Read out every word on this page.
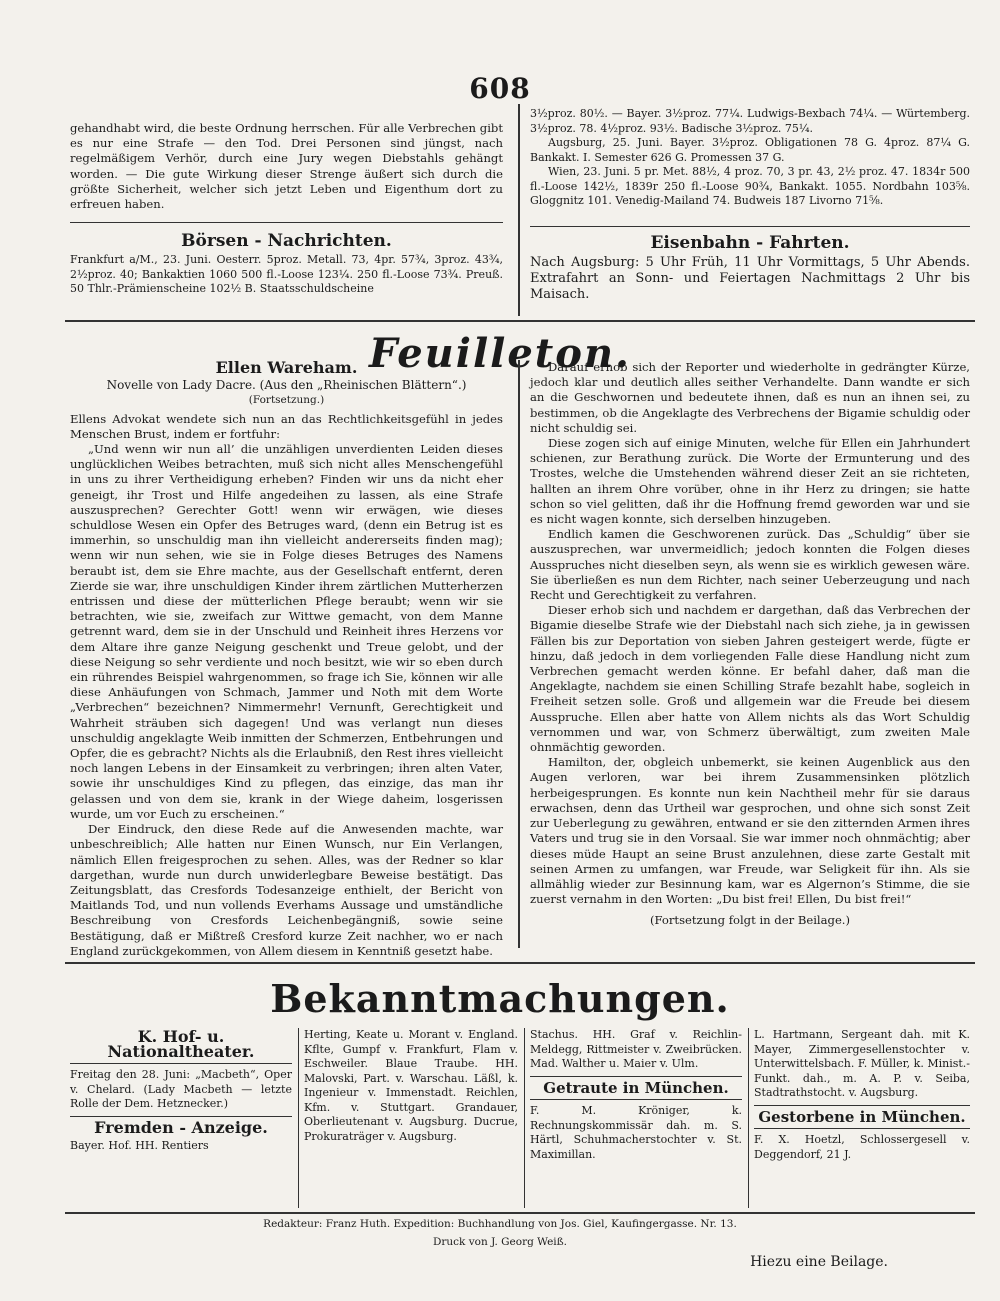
608

gehandhabt wird, die beste Ordnung herrschen. Für alle Verbrechen gibt es nur eine Strafe — den Tod. Drei Personen sind jüngst, nach regelmäßigem Verhör, durch eine Jury wegen Diebstahls gehängt worden. — Die gute Wirkung dieser Strenge äußert sich durch die größte Sicherheit, welcher sich jetzt Leben und Eigenthum dort zu erfreuen haben.

Börsen - Nachrichten.

Frankfurt a/M., 23. Juni. Oesterr. 5proz. Metall. 73, 4pr. 57¾, 3proz. 43¾, 2½proz. 40; Bankaktien 1060 500 fl.-Loose 123¼. 250 fl.-Loose 73¾. Preuß. 50 Thlr.-Prämienscheine 102½ B. Staatsschuldscheine

3½proz. 80½. — Bayer. 3½proz. 77¼. Ludwigs-Bexbach 74¼. — Würtemberg. 3½proz. 78. 4½proz. 93½. Badische 3½proz. 75¼.

Augsburg, 25. Juni. Bayer. 3½proz. Obligationen 78 G. 4proz. 87¼ G. Bankakt. I. Semester 626 G. Promessen 37 G.

Wien, 23. Juni. 5 pr. Met. 88½, 4 proz. 70, 3 pr. 43, 2½ proz. 47. 1834r 500 fl.-Loose 142½, 1839r 250 fl.-Loose 90¾, Bankakt. 1055. Nordbahn 103⅝. Gloggnitz 101. Venedig-Mailand 74. Budweis 187 Livorno 71⅝.

Eisenbahn - Fahrten.

Nach Augsburg: 5 Uhr Früh, 11 Uhr Vormittags, 5 Uhr Abends. Extrafahrt an Sonn- und Feiertagen Nachmittags 2 Uhr bis Maisach.

Feuilleton.
Ellen Wareham.
Novelle von Lady Dacre. (Aus den „Rheinischen Blättern“.)
(Fortsetzung.)

Ellens Advokat wendete sich nun an das Rechtlichkeitsgefühl in jedes Menschen Brust, indem er fortfuhr:

„Und wenn wir nun all’ die unzähligen unverdienten Leiden dieses unglücklichen Weibes betrachten, muß sich nicht alles Menschengefühl in uns zu ihrer Vertheidigung erheben? Finden wir uns da nicht eher geneigt, ihr Trost und Hilfe angedeihen zu lassen, als eine Strafe auszusprechen? Gerechter Gott! wenn wir erwägen, wie dieses schuldlose Wesen ein Opfer des Betruges ward, (denn ein Betrug ist es immerhin, so unschuldig man ihn vielleicht andererseits finden mag); wenn wir nun sehen, wie sie in Folge dieses Betruges des Namens beraubt ist, dem sie Ehre machte, aus der Gesellschaft entfernt, deren Zierde sie war, ihre unschuldigen Kinder ihrem zärtlichen Mutterherzen entrissen und diese der mütterlichen Pflege beraubt; wenn wir sie betrachten, wie sie, zweifach zur Wittwe gemacht, von dem Manne getrennt ward, dem sie in der Unschuld und Reinheit ihres Herzens vor dem Altare ihre ganze Neigung geschenkt und Treue gelobt, und der diese Neigung so sehr verdiente und noch besitzt, wie wir so eben durch ein rührendes Beispiel wahrgenommen, so frage ich Sie, können wir alle diese Anhäufungen von Schmach, Jammer und Noth mit dem Worte „Verbrechen“ bezeichnen? Nimmermehr! Vernunft, Gerechtigkeit und Wahrheit sträuben sich dagegen! Und was verlangt nun dieses unschuldig angeklagte Weib inmitten der Schmerzen, Entbehrungen und Opfer, die es gebracht? Nichts als die Erlaubniß, den Rest ihres vielleicht noch langen Lebens in der Einsamkeit zu verbringen; ihren alten Vater, sowie ihr unschuldiges Kind zu pflegen, das einzige, das man ihr gelassen und von dem sie, krank in der Wiege daheim, losgerissen wurde, um vor Euch zu erscheinen.“

Der Eindruck, den diese Rede auf die Anwesenden machte, war unbeschreiblich; Alle hatten nur Einen Wunsch, nur Ein Verlangen, nämlich Ellen freigesprochen zu sehen. Alles, was der Redner so klar dargethan, wurde nun durch unwiderlegbare Beweise bestätigt. Das Zeitungsblatt, das Cresfords Todesanzeige enthielt, der Bericht von Maitlands Tod, und nun vollends Everhams Aussage und umständliche Beschreibung von Cresfords Leichenbegängniß, sowie seine Bestätigung, daß er Mißtreß Cresford kurze Zeit nachher, wo er nach England zurückgekommen, von Allem diesem in Kenntniß gesetzt habe.

Darauf erhob sich der Reporter und wiederholte in gedrängter Kürze, jedoch klar und deutlich alles seither Verhandelte. Dann wandte er sich an die Geschwornen und bedeutete ihnen, daß es nun an ihnen sei, zu bestimmen, ob die Angeklagte des Verbrechens der Bigamie schuldig oder nicht schuldig sei.

Diese zogen sich auf einige Minuten, welche für Ellen ein Jahrhundert schienen, zur Berathung zurück. Die Worte der Ermunterung und des Trostes, welche die Umstehenden während dieser Zeit an sie richteten, hallten an ihrem Ohre vorüber, ohne in ihr Herz zu dringen; sie hatte schon so viel gelitten, daß ihr die Hoffnung fremd geworden war und sie es nicht wagen konnte, sich derselben hinzugeben.

Endlich kamen die Geschworenen zurück. Das „Schuldig“ über sie auszusprechen, war unvermeidlich; jedoch konnten die Folgen dieses Ausspruches nicht dieselben seyn, als wenn sie es wirklich gewesen wäre. Sie überließen es nun dem Richter, nach seiner Ueberzeugung und nach Recht und Gerechtigkeit zu verfahren.

Dieser erhob sich und nachdem er dargethan, daß das Verbrechen der Bigamie dieselbe Strafe wie der Diebstahl nach sich ziehe, ja in gewissen Fällen bis zur Deportation von sieben Jahren gesteigert werde, fügte er hinzu, daß jedoch in dem vorliegenden Falle diese Handlung nicht zum Verbrechen gemacht werden könne. Er befahl daher, daß man die Angeklagte, nachdem sie einen Schilling Strafe bezahlt habe, sogleich in Freiheit setzen solle. Groß und allgemein war die Freude bei diesem Ausspruche. Ellen aber hatte von Allem nichts als das Wort Schuldig vernommen und war, von Schmerz überwältigt, zum zweiten Male ohnmächtig geworden.

Hamilton, der, obgleich unbemerkt, sie keinen Augenblick aus den Augen verloren, war bei ihrem Zusammensinken plötzlich herbeigesprungen. Es konnte nun kein Nachtheil mehr für sie daraus erwachsen, denn das Urtheil war gesprochen, und ohne sich sonst Zeit zur Ueberlegung zu gewähren, entwand er sie den zitternden Armen ihres Vaters und trug sie in den Vorsaal. Sie war immer noch ohnmächtig; aber dieses müde Haupt an seine Brust anzulehnen, diese zarte Gestalt mit seinen Armen zu umfangen, war Freude, war Seligkeit für ihn. Als sie allmählig wieder zur Besinnung kam, war es Algernon’s Stimme, die sie zuerst vernahm in den Worten: „Du bist frei! Ellen, Du bist frei!“

(Fortsetzung folgt in der Beilage.)
Bekanntmachungen.
K. Hof- u. Nationaltheater.

Freitag den 28. Juni: „Macbeth“, Oper v. Chelard. (Lady Macbeth — letzte Rolle der Dem. Hetznecker.)

Fremden - Anzeige.

Bayer. Hof. HH. Rentiers

Herting, Keate u. Morant v. England. Kflte, Gumpf v. Frankfurt, Flam v. Eschweiler. Blaue Traube. HH. Malovski, Part. v. Warschau. Läßl, k. Ingenieur v. Immenstadt. Reichlen, Kfm. v. Stuttgart. Grandauer, Oberlieutenant v. Augsburg. Ducrue, Prokuraträger v. Augsburg.

Stachus. HH. Graf v. Reichlin-Meldegg, Rittmeister v. Zweibrücken. Mad. Walther u. Maier v. Ulm.

Getraute in München.

F. M. Kröniger, k. Rechnungskommissär dah. m. S. Härtl, Schuhmacherstochter v. St. Maximillan.

L. Hartmann, Sergeant dah. mit K. Mayer, Zimmergesellenstochter v. Unterwittelsbach. F. Müller, k. Minist.-Funkt. dah., m. A. P. v. Seiba, Stadtrathstocht. v. Augsburg.

Gestorbene in München.

F. X. Hoetzl, Schlossergesell v. Deggendorf, 21 J.

Redakteur: Franz Huth. Expedition: Buchhandlung von Jos. Giel, Kaufingergasse. Nr. 13.
Druck von J. Georg Weiß.
Hiezu eine Beilage.
